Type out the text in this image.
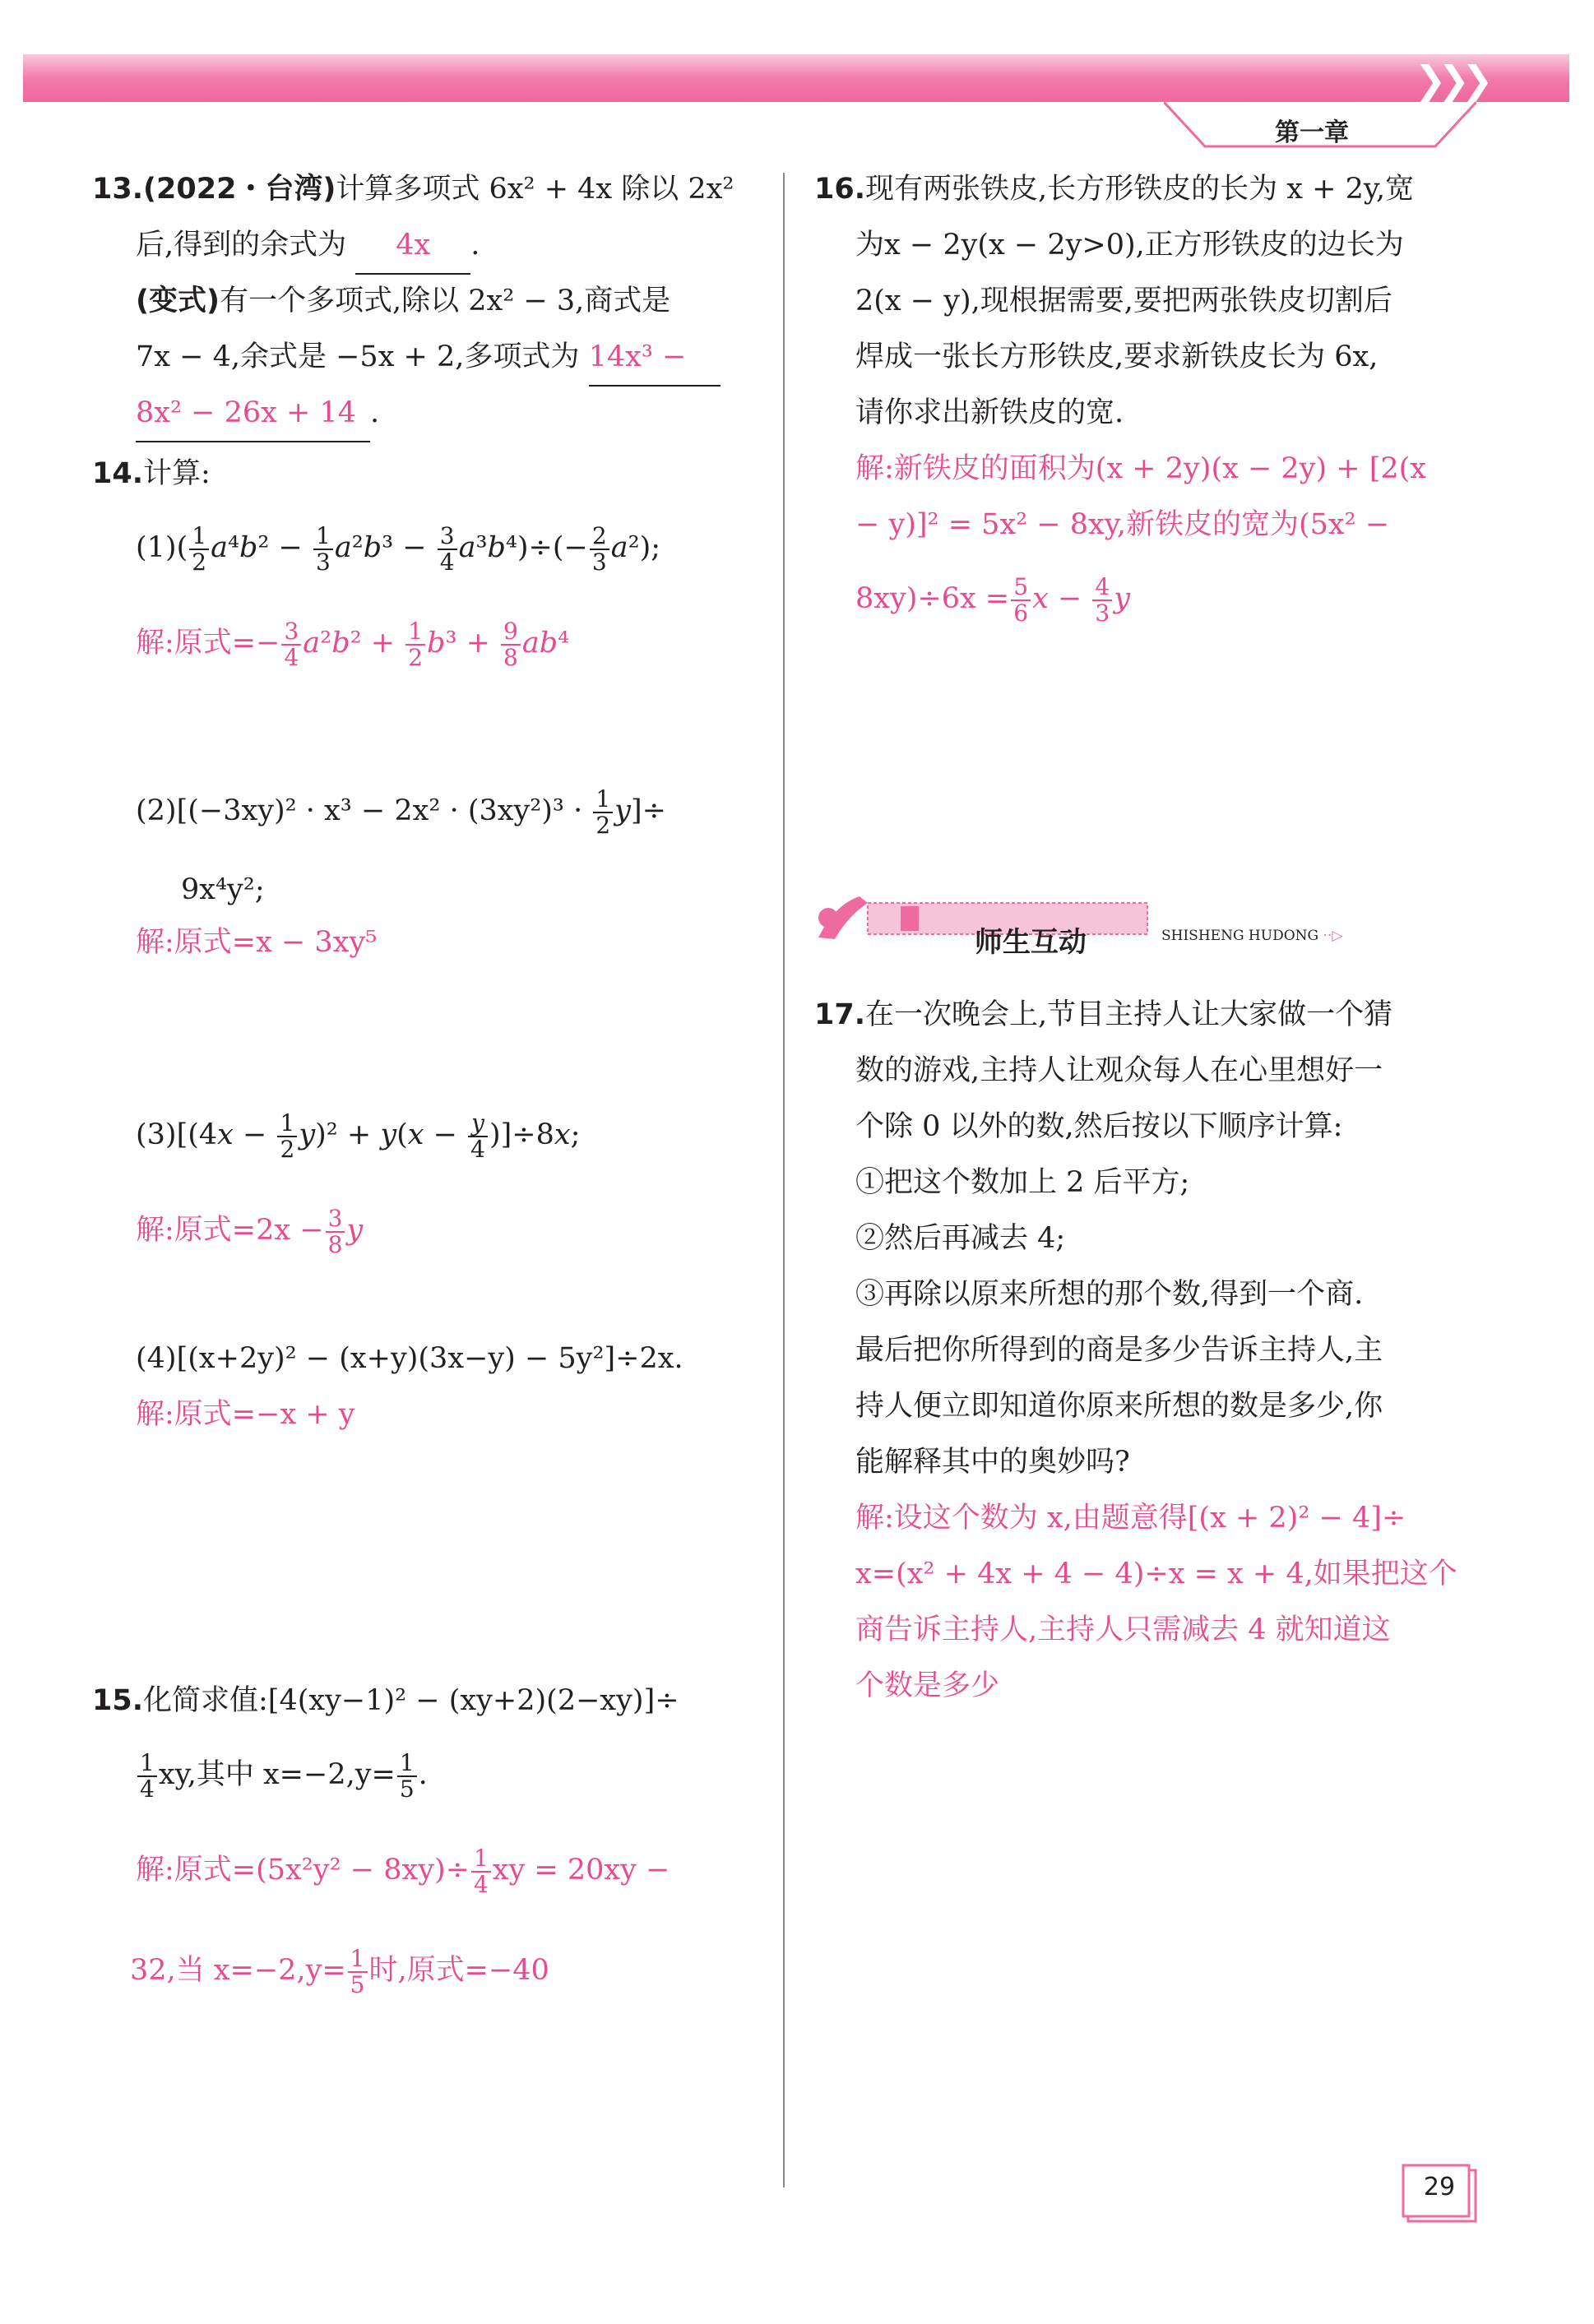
❯❯❯
第一章
13.(2022・台湾)计算多项式 6x² + 4x 除以 2x²
后,得到的余式为 4x .
(变式)有一个多项式,除以 2x² − 3,商式是
7x − 4,余式是 −5x + 2,多项式为 14x³ −
8x² − 26x + 14 .
14.计算:
$(1)( \frac{1}{2} a^4b^2 - \frac{1}{3} a^2b^3 - \frac{3}{4} a^3b^4)\div(- \frac{2}{3} a^2)$;
解:原式=− $\frac{3}{4} a^2b^2 + \frac{1}{2} b^3 + \frac{9}{8} ab^4$
$(2)[(-3xy)^2 \cdot x^3 - 2x^2 \cdot (3xy^2)^3 \cdot \frac{1}{2} y]\div$
9x⁴y²;
解:原式=x − 3xy⁵
$(3)[(4x - \frac{1}{2} y)^2 + y(x - \frac{y}{4} )]\div 8x$;
解:原式$=2x - \frac{3}{8}$ y
(4)[(x+2y)² − (x+y)(3x−y) − 5y²]÷2x.
解:原式=−x + y
15.化简求值:[4(xy−1)² − (xy+2)(2−xy)]÷
$\frac{1}{4}$ xy,其中 $x=-2,y= \frac{1}{5}$ .
解:原式$=(5x^2y^2 - 8xy)\div \frac{1}{4}$ xy = 20xy −
32,当 $x=-2,y= \frac{1}{5}$ 时,原式=−40
16.现有两张铁皮,长方形铁皮的长为 x + 2y,宽
为x − 2y(x − 2y>0),正方形铁皮的边长为
2(x − y),现根据需要,要把两张铁皮切割后
焊成一张长方形铁皮,要求新铁皮长为 6x,
请你求出新铁皮的宽.
解:新铁皮的面积为(x + 2y)(x − 2y) + [2(x
− y)]² = 5x² − 8xy,新铁皮的宽为(5x² −
$8xy)\div 6x = \frac{5}{6}$ $x - \frac{4}{3}$ y
师生互动	SHISHENG HUDONG ··▷
17.在一次晚会上,节目主持人让大家做一个猜
数的游戏,主持人让观众每人在心里想好一
个除 0 以外的数,然后按以下顺序计算:
①把这个数加上 2 后平方;
②然后再减去 4;
③再除以原来所想的那个数,得到一个商.
最后把你所得到的商是多少告诉主持人,主
持人便立即知道你原来所想的数是多少,你
能解释其中的奥妙吗?
解:设这个数为 x,由题意得[(x + 2)² − 4]÷
x=(x² + 4x + 4 − 4)÷x = x + 4,如果把这个
商告诉主持人,主持人只需减去 4 就知道这
个数是多少
29
